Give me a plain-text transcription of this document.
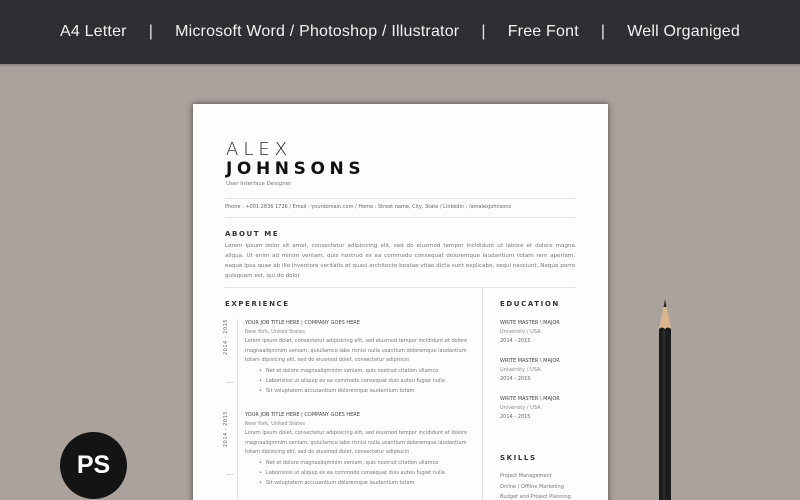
A4 Letter	|	Microsoft Word / Photoshop / Illustrator	|	Free Font	|	Well Organiged
ALEX
JOHNSONS
User Interface Designer
Phone : +001 2836 1726 / Email : yourdomain.com / Home : Street name, City, State / Linkedin : /amalexjohnsons
ABOUT ME
Lorem ipsum dolor sit amet, consectetur adipisicing elit, sed do eiusmod tempor incididunt ut labore et dolore magna aliqua. Ut enim ad minim veniam, quis nostrud ex ea commodo consequat doloremque laudantium totam rem aperiam, eaque ipsa quae ab illo inventore veritatis et quasi architecto beatae vitae dicta sunt explicabo, sequi nesciunt. Neque porro quisquam est, qui do dolor
EXPERIENCE
2014 - 2015	YOUR JOB TITLE HERE | COMPANY GOES HERE
New York, United States
Lorem ipsum dolet, consectetur adipisicing elit, sed eiusmod tempor incididunt et dolore magnaaliqminim veniam, quiullamco labo risnisi nulla usantium doloremque laudantium totam dipisicing elit, sed do eiusmod dolet, consectetur adipisicin
• Net et dolore magnaaliqminim veniam, quis nostrud citation ullamco
• Laborisnisi ut aliquip ex ea commodo consequat duis auteu fugiat nulla
• Sit voluptatem accusantium doloremque laudantium totam
2014 - 2015	YOUR JOB TITLE HERE | COMPANY GOES HERE
New York, United States
Lorem ipsum dolet, consectetur adipisicing elit, sed eiusmod tempor incididunt et dolore magnaaliqminim veniam, quiullamco labo risnisi nulla usantium doloremque laudantium totam dipisicing elit, sed do eiusmod dolet, consectetur adipisicin
• Net et dolore magnaaliqminim veniam, quis nostrud citation ullamco
• Laborisnisi ut aliquip ex ea commodo consequat duis auteu fugiat nulla
• Sit voluptatem accusantium doloremque laudantium totam
EDUCATION
WRITE MASTER \ MAJOR
University / USA.
2014 - 2015
WRITE MASTER \ MAJOR
University / USA.
2014 - 2015
WRITE MASTER \ MAJOR
University / USA.
2014 - 2015
SKILLS
Project Management
Online / Offline Marketing
Budget and Project Planning
PS
